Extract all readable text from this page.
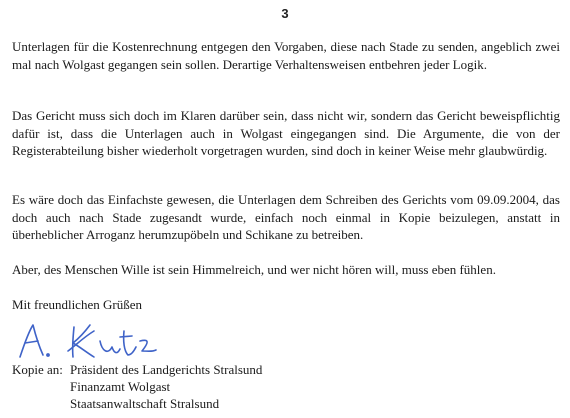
3

Unterlagen für die Kostenrechnung entgegen den Vorgaben, diese nach Stade zu senden, angeblich zwei mal nach Wolgast gegangen sein sollen. Derartige Verhaltensweisen entbehren jeder Logik.

Das Gericht muss sich doch im Klaren darüber sein, dass nicht wir, sondern das Gericht beweispflichtig dafür ist, dass die Unterlagen auch in Wolgast eingegangen sind. Die Argumente, die von der Registerabteilung bisher wiederholt vorgetragen wurden, sind doch in keiner Weise mehr glaubwürdig.

Es wäre doch das Einfachste gewesen, die Unterlagen dem Schreiben des Gerichts vom 09.09.2004, das doch auch nach Stade zugesandt wurde, einfach noch einmal in Kopie beizulegen, anstatt in überheblicher Arroganz herumzupöbeln und Schikane zu betreiben.

Aber, des Menschen Wille ist sein Himmelreich, und wer nicht hören will, muss eben fühlen.

Mit freundlichen Grüßen

Kopie an: Präsident des Landgerichts Stralsund
Finanzamt Wolgast
Staatsanwaltschaft Stralsund
